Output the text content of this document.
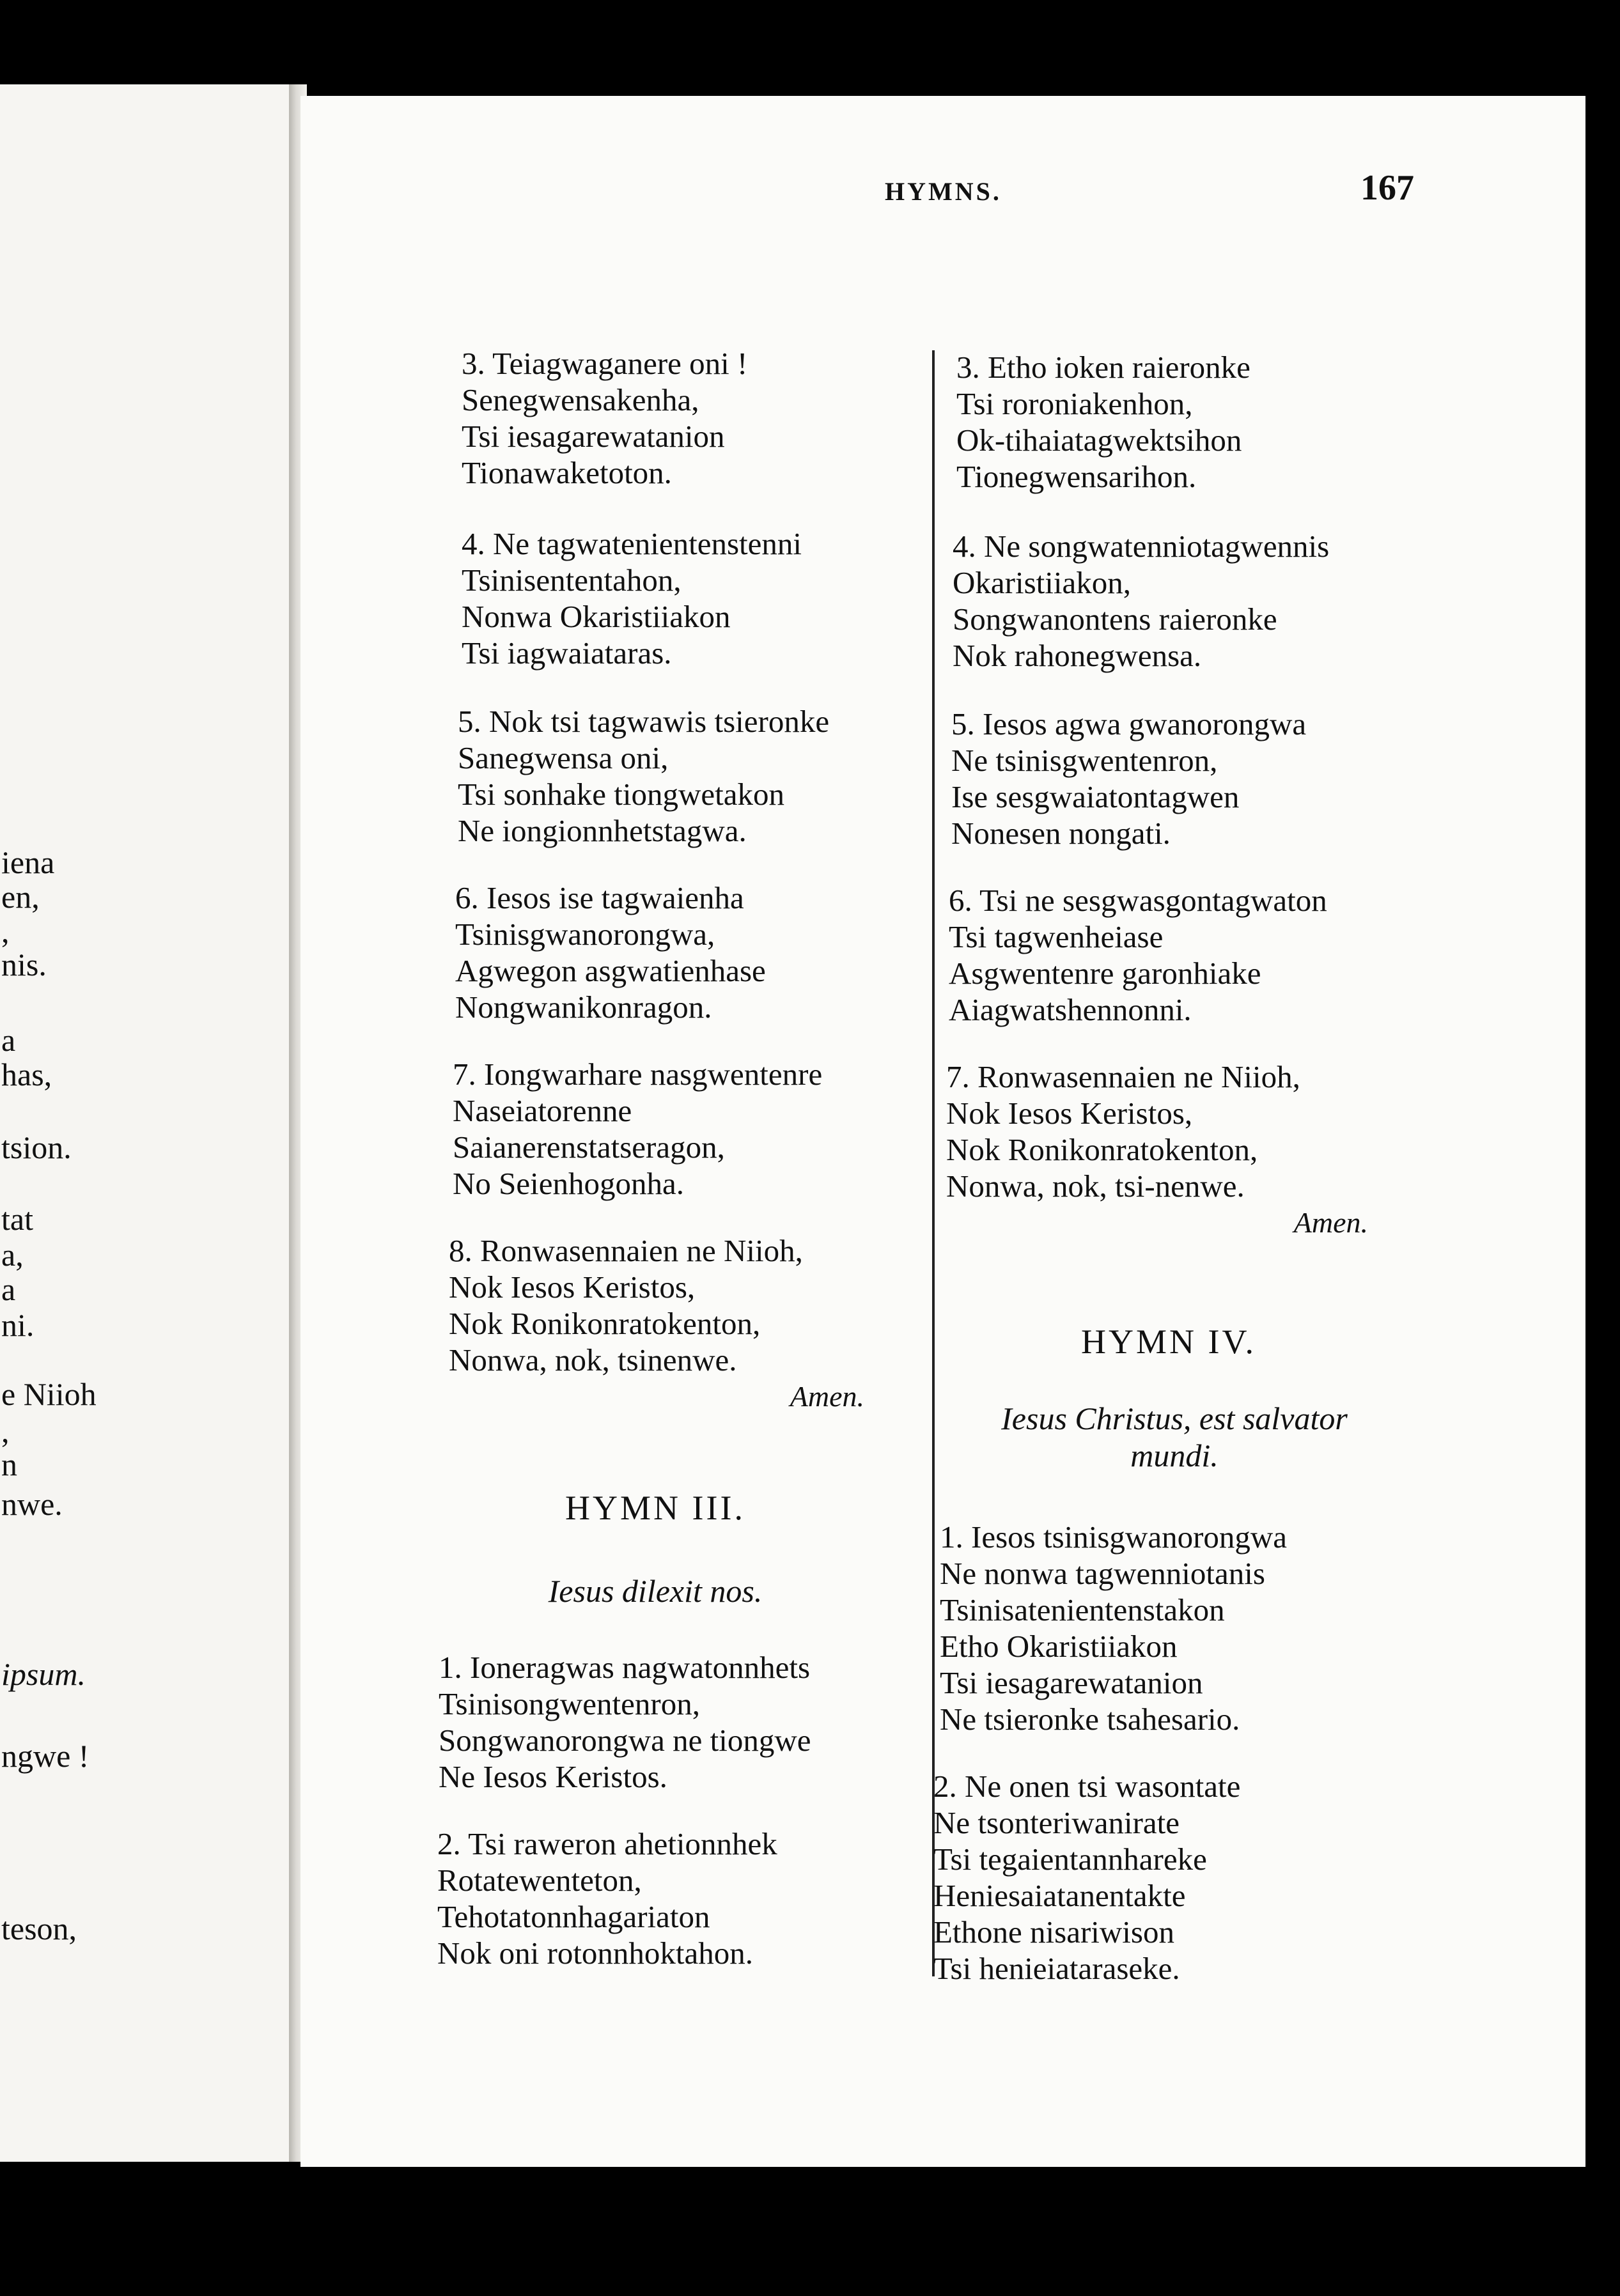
iena
en,
,
nis.
a
has,
tsion.
tat
a,
a
ni.
e Niioh
,
n
nwe.
ipsum.
ngwe !
teson,
HYMNS.	167
3. Teiagwaganere oni !
Senegwensakenha,
Tsi iesagarewatanion
Tionawaketoton.
4. Ne tagwatenientenstenni
Tsinisententahon,
Nonwa Okaristiiakon
Tsi iagwaiataras.
5. Nok tsi tagwawis tsieronke
Sanegwensa oni,
Tsi sonhake tiongwetakon
Ne iongionnhetstagwa.
6. Iesos ise tagwaienha
Tsinisgwanorongwa,
Agwegon asgwatienhase
Nongwanikonragon.
7. Iongwarhare nasgwentenre
Naseiatorenne
Saianerenstatseragon,
No Seienhogonha.
8. Ronwasennaien ne Niioh,
Nok Iesos Keristos,
Nok Ronikonratokenton,
Nonwa, nok, tsinenwe.
Amen.
HYMN III.
Iesus dilexit nos.
1. Ioneragwas nagwatonnhets
Tsinisongwentenron,
Songwanorongwa ne tiongwe
Ne Iesos Keristos.
2. Tsi raweron ahetionnhek
Rotatewenteton,
Tehotatonnhagariaton
Nok oni rotonnhoktahon.
3. Etho ioken raieronke
Tsi roroniakenhon,
Ok-tihaiatagwektsihon
Tionegwensarihon.
4. Ne songwatenniotagwennis
Okaristiiakon,
Songwanontens raieronke
Nok rahonegwensa.
5. Iesos agwa gwanorongwa
Ne tsinisgwentenron,
Ise sesgwaiatontagwen
Nonesen nongati.
6. Tsi ne sesgwasgontagwaton
Tsi tagwenheiase
Asgwentenre garonhiake
Aiagwatshennonni.
7. Ronwasennaien ne Niioh,
Nok Iesos Keristos,
Nok Ronikonratokenton,
Nonwa, nok, tsi-nenwe.
Amen.
HYMN IV.
Iesus Christus, est salvator
mundi.
1. Iesos tsinisgwanorongwa
Ne nonwa tagwenniotanis
Tsinisatenientenstakon
Etho Okaristiiakon
Tsi iesagarewatanion
Ne tsieronke tsahesario.
2. Ne onen tsi wasontate
Ne tsonteriwanirate
Tsi tegaientannhareke
Heniesaiatanentakte
Ethone nisariwison
Tsi henieiataraseke.
